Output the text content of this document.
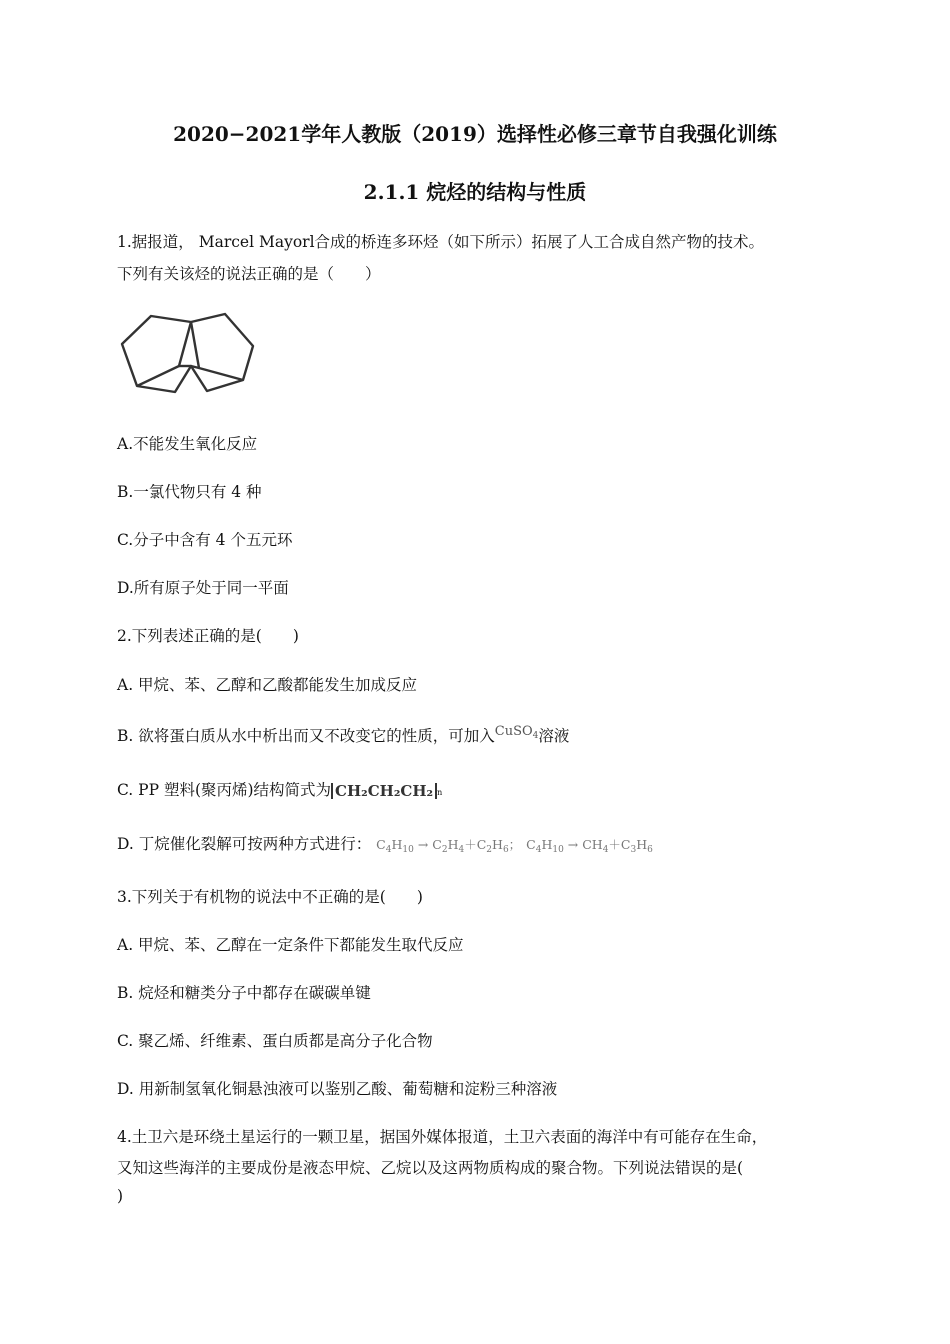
2020−2021学年人教版（2019）选择性必修三章节自我强化训练
2.1.1 烷烃的结构与性质
1.据报道， Marcel Mayorl合成的桥连多环烃（如下所示）拓展了人工合成自然产物的技术。
下列有关该烃的说法正确的是（　　）
A.不能发生氧化反应
B.一氯代物只有 4 种
C.分子中含有 4 个五元环
D.所有原子处于同一平面
2.下列表述正确的是(　　)
A. 甲烷、苯、乙醇和乙酸都能发生加成反应
B. 欲将蛋白质从水中析出而又不改变它的性质，可加入$^{CuSO_4}$溶液
C. PP 塑料(聚丙烯)结构简式为 CH₂CH₂CH₂ n
D. 丁烷催化裂解可按两种方式进行： $C_4H_{10} \to C_2H_4+C_2H_6$； $C_4H_{10} \to CH_4+C_3H_6$
3.下列关于有机物的说法中不正确的是(　　)
A. 甲烷、苯、乙醇在一定条件下都能发生取代反应
B. 烷烃和糖类分子中都存在碳碳单键
C. 聚乙烯、纤维素、蛋白质都是高分子化合物
D. 用新制氢氧化铜悬浊液可以鉴别乙酸、葡萄糖和淀粉三种溶液
4.土卫六是环绕土星运行的一颗卫星，据国外媒体报道，土卫六表面的海洋中有可能存在生命，
又知这些海洋的主要成份是液态甲烷、乙烷以及这两物质构成的聚合物。下列说法错误的是(
)
